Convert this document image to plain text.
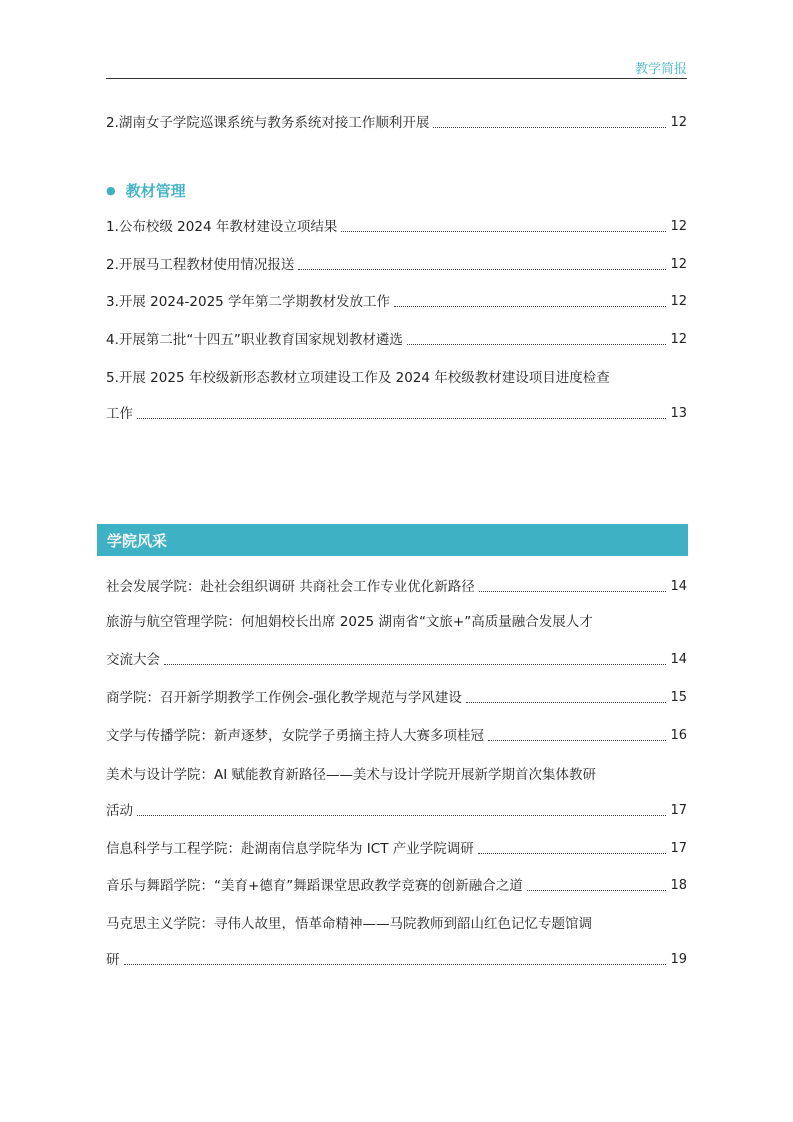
教学简报
2.湖南女子学院巡课系统与教务系统对接工作顺利开展	12
● 教材管理
1.公布校级 2024 年教材建设立项结果	12
2.开展马工程教材使用情况报送	12
3.开展 2024-2025 学年第二学期教材发放工作	12
4.开展第二批“十四五”职业教育国家规划教材遴选	12
5.开展 2025 年校级新形态教材立项建设工作及 2024 年校级教材建设项目进度检查
工作	13
学院风采
社会发展学院：赴社会组织调研 共商社会工作专业优化新路径	14
旅游与航空管理学院：何旭娟校长出席 2025 湖南省“文旅+”高质量融合发展人才
交流大会	14
商学院：召开新学期教学工作例会-强化教学规范与学风建设	15
文学与传播学院：新声逐梦，女院学子勇摘主持人大赛多项桂冠	16
美术与设计学院：AI 赋能教育新路径——美术与设计学院开展新学期首次集体教研
活动	17
信息科学与工程学院：赴湖南信息学院华为 ICT 产业学院调研	17
音乐与舞蹈学院：“美育+德育”舞蹈课堂思政教学竞赛的创新融合之道	18
马克思主义学院：寻伟人故里，悟革命精神——马院教师到韶山红色记忆专题馆调
研	19
